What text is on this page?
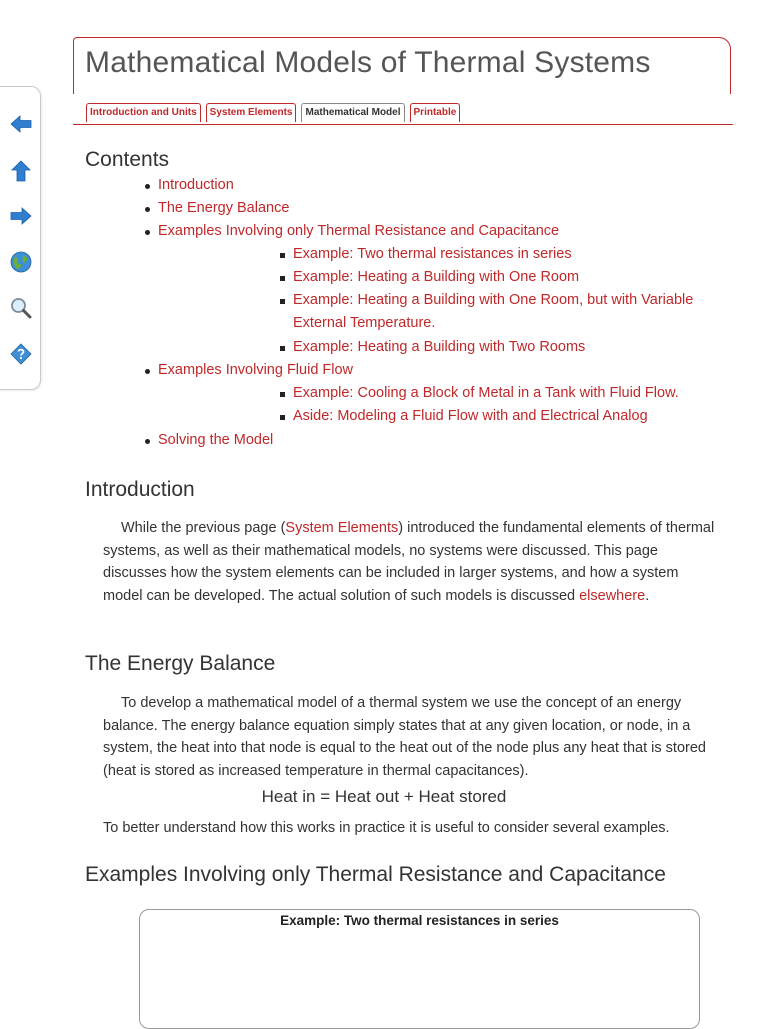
Mathematical Models of Thermal Systems
Introduction and Units	System Elements	Mathematical Model	Printable
Contents
Introduction
The Energy Balance
Examples Involving only Thermal Resistance and Capacitance
Example: Two thermal resistances in series
Example: Heating a Building with One Room
Example: Heating a Building with One Room, but with Variable
External Temperature.
Example: Heating a Building with Two Rooms
Examples Involving Fluid Flow
Example: Cooling a Block of Metal in a Tank with Fluid Flow.
Aside: Modeling a Fluid Flow with and Electrical Analog
Solving the Model
Introduction

While the previous page (System Elements) introduced the fundamental elements of thermal systems, as well as their mathematical models, no systems were discussed. This page discusses how the system elements can be included in larger systems, and how a system model can be developed. The actual solution of such models is discussed elsewhere.

The Energy Balance

To develop a mathematical model of a thermal system we use the concept of an energy balance. The energy balance equation simply states that at any given location, or node, in a system, the heat into that node is equal to the heat out of the node plus any heat that is stored (heat is stored as increased temperature in thermal capacitances).

Heat in = Heat out + Heat stored

To better understand how this works in practice it is useful to consider several examples.

Examples Involving only Thermal Resistance and Capacitance
Example: Two thermal resistances in series
